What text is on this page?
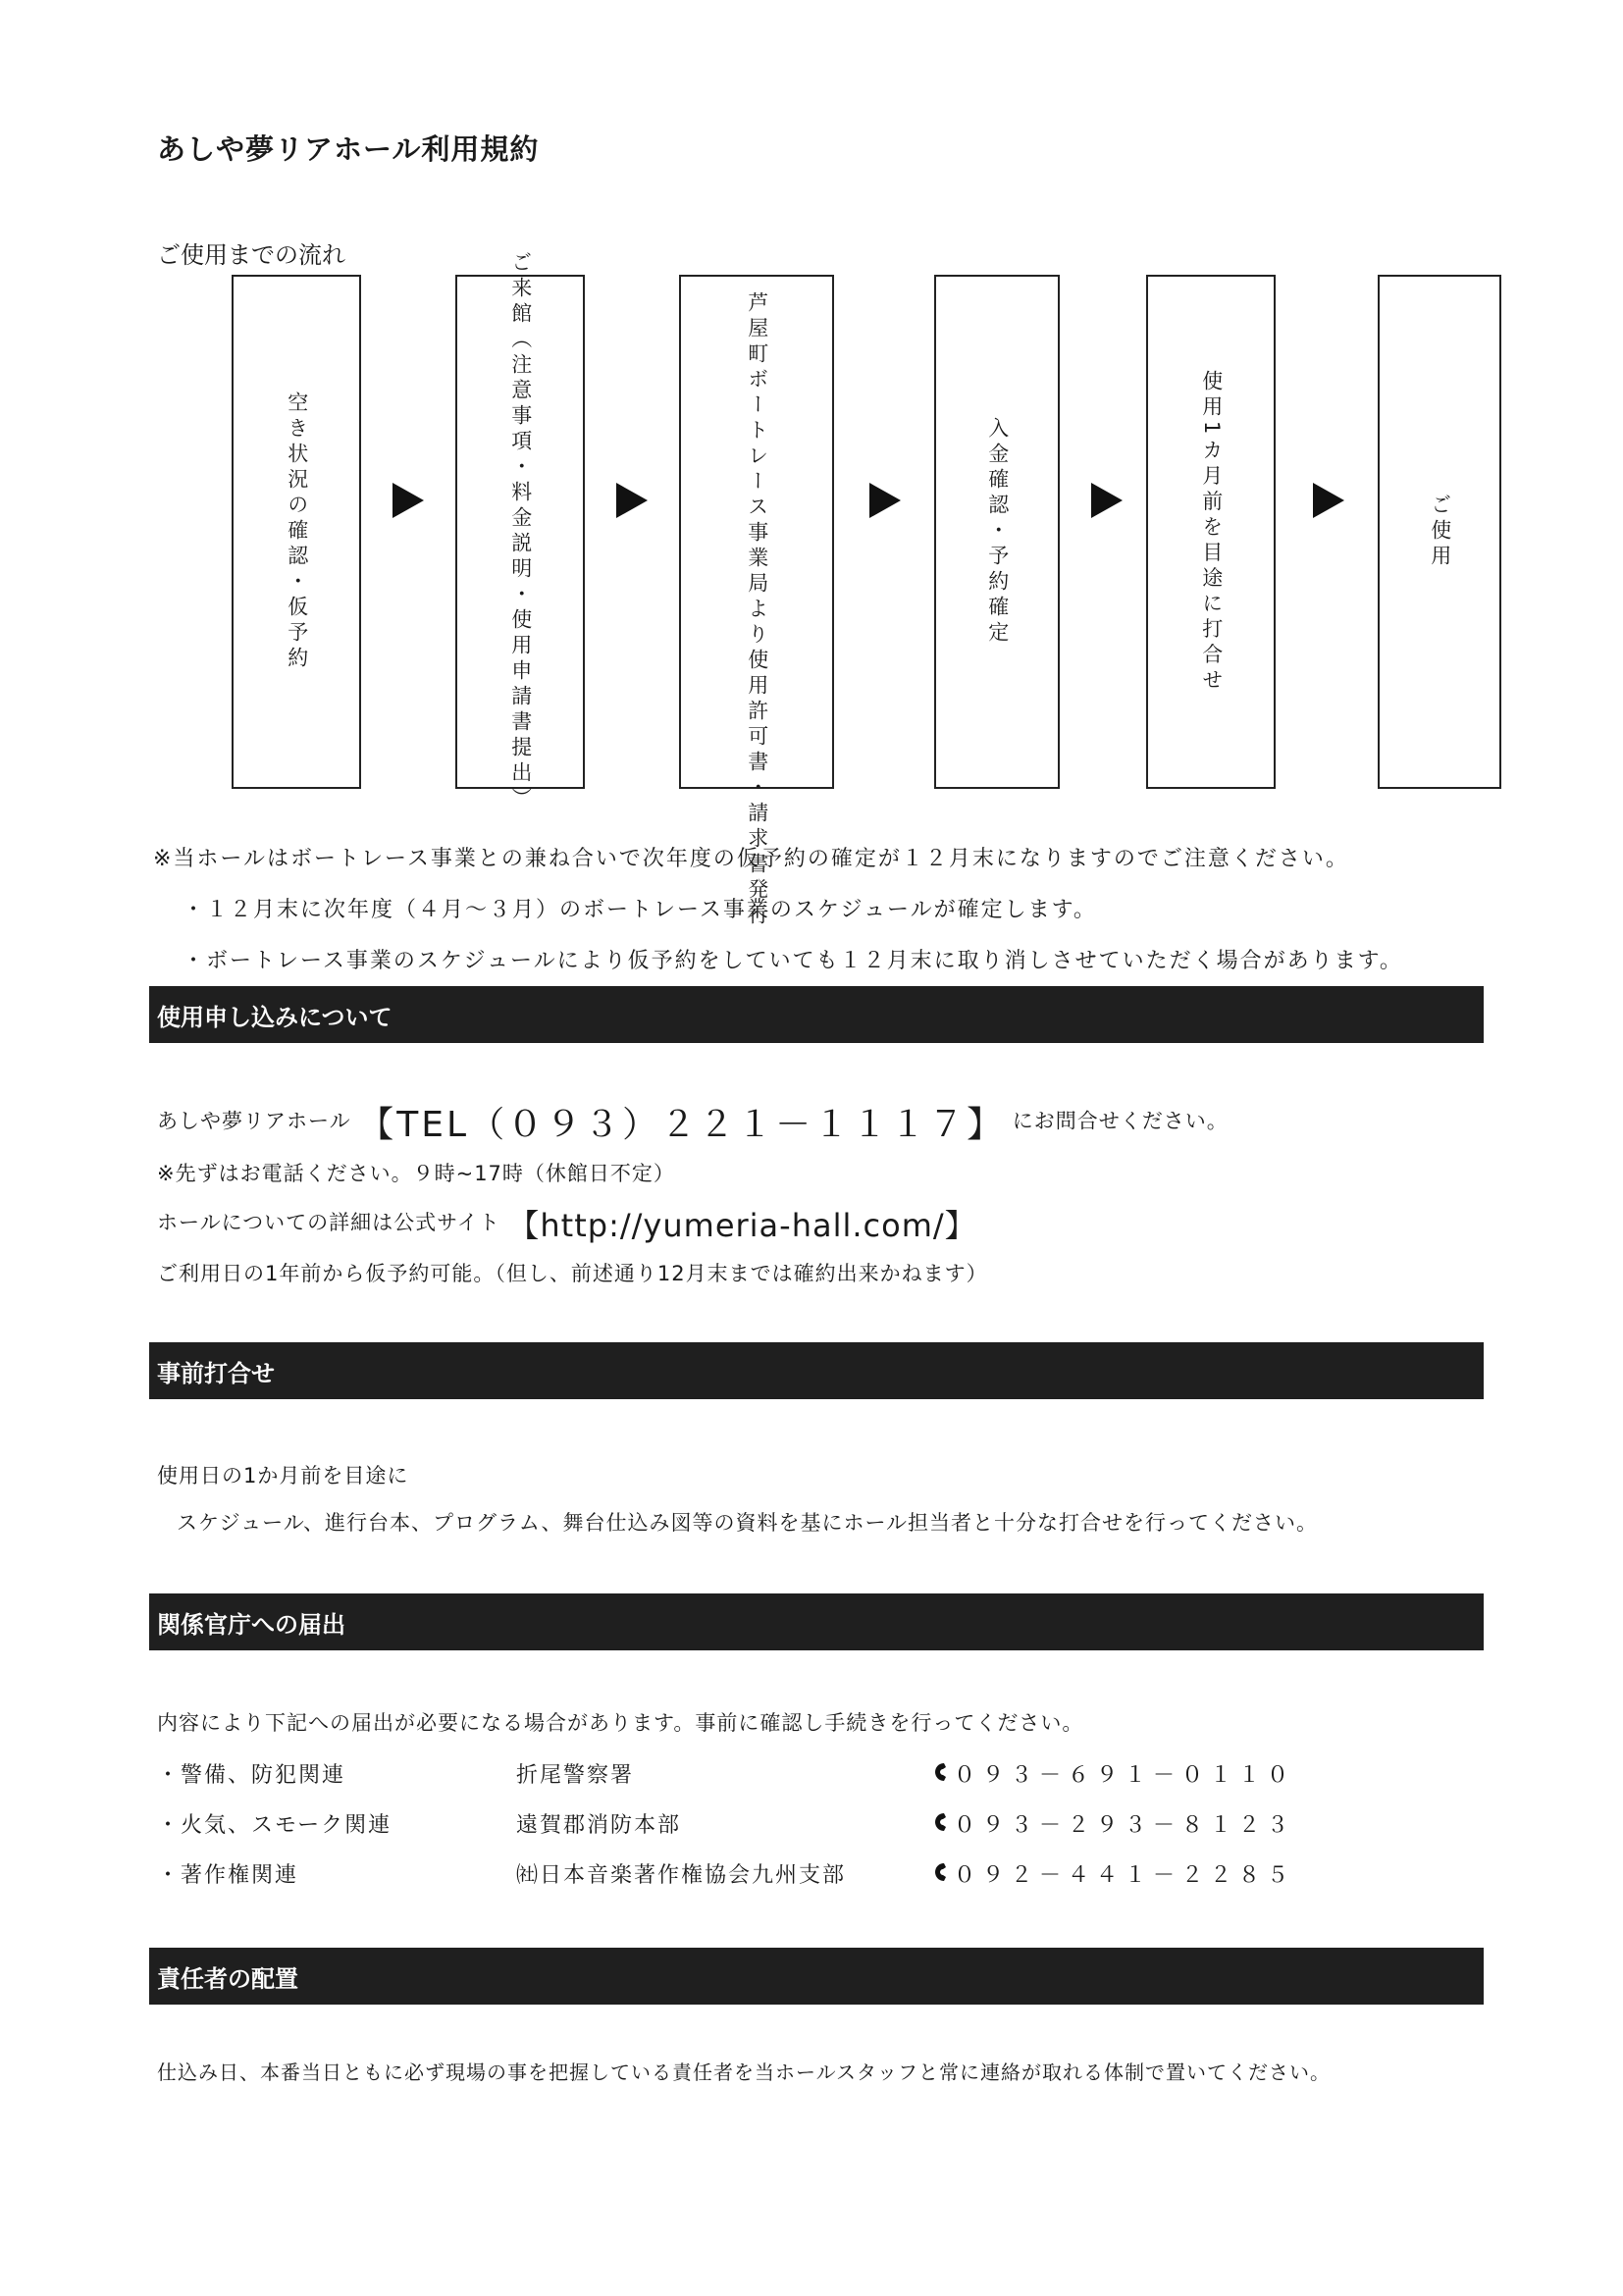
あしや夢リアホール利用規約
ご使用までの流れ
空き状況の確認・仮予約	ご来館（注意事項・料金説明・使用申請書提出）	芦屋町ボートレース事業局より使用許可書・請求書発行	入金確認・予約確定	使用1カ月前を目途に打合せ	ご使用
※当ホールはボートレース事業との兼ね合いで次年度の仮予約の確定が１２月末になりますのでご注意ください。
・１２月末に次年度（４月～３月）のボートレース事業のスケジュールが確定します。
・ボートレース事業のスケジュールにより仮予約をしていても１２月末に取り消しさせていただく場合があります。
使用申し込みについて
あしや夢リアホール 【TEL（０９３）２２１－１１１７】 にお問合せください。
※先ずはお電話ください。９時~17時（休館日不定）
ホールについての詳細は公式サイト 【http://yumeria-hall.com/】
ご利用日の1年前から仮予約可能。（但し、前述通り12月末までは確約出来かねます）
事前打合せ
使用日の1か月前を目途に
スケジュール、進行台本、プログラム、舞台仕込み図等の資料を基にホール担当者と十分な打合せを行ってください。
関係官庁への届出
内容により下記への届出が必要になる場合があります。事前に確認し手続きを行ってください。
・警備、防犯関連	折尾警察署	０９３－６９１－０１１０
・火気、スモーク関連	遠賀郡消防本部	０９３－２９３－８１２３
・著作権関連	㈳日本音楽著作権協会九州支部	０９２－４４１－２２８５
責任者の配置
仕込み日、本番当日ともに必ず現場の事を把握している責任者を当ホールスタッフと常に連絡が取れる体制で置いてください。
